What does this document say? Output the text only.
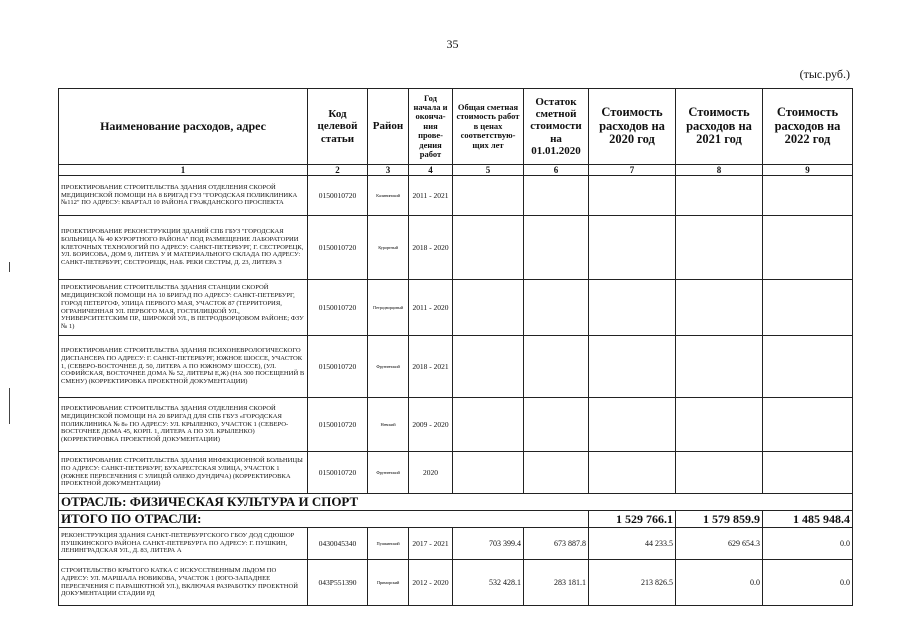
35
(тыс.руб.)
Наименование расходов, адрес	Код целевой статьи	Район	Год начала и оконча-ния прове-дения работ	Общая сметная стоимость работ в ценах соответствую-щих лет	Остаток сметной стоимости на 01.01.2020	Стоимость расходов на 2020 год	Стоимость расходов на 2021 год	Стоимость расходов на 2022 год
1	2	3	4	5	6	7	8	9
ПРОЕКТИРОВАНИЕ СТРОИТЕЛЬСТВА ЗДАНИЯ ОТДЕЛЕНИЯ СКОРОЙ МЕДИЦИНСКОЙ ПОМОЩИ НА 8 БРИГАД ГУЗ "ГОРОДСКАЯ ПОЛИКЛИНИКА №112" ПО АДРЕСУ: КВАРТАЛ 10 РАЙОНА ГРАЖДАНСКОГО ПРОСПЕКТА	0150010720	Калининский	2011 - 2021					
ПРОЕКТИРОВАНИЕ РЕКОНСТРУКЦИИ ЗДАНИЙ СПБ ГБУЗ "ГОРОДСКАЯ БОЛЬНИЦА № 40 КУРОРТНОГО РАЙОНА" ПОД РАЗМЕЩЕНИЕ ЛАБОРАТОРИИ КЛЕТОЧНЫХ ТЕХНОЛОГИЙ ПО АДРЕСУ: САНКТ-ПЕТЕРБУРГ, Г. СЕСТРОРЕЦК, УЛ. БОРИСОВА, ДОМ 9, ЛИТЕРА У И МАТЕРИАЛЬНОГО СКЛАДА ПО АДРЕСУ: САНКТ-ПЕТЕРБУРГ, СЕСТРОРЕЦК, НАБ. РЕКИ СЕСТРЫ, Д. 23, ЛИТЕРА З	0150010720	Курортный	2018 - 2020					
ПРОЕКТИРОВАНИЕ СТРОИТЕЛЬСТВА ЗДАНИЯ СТАНЦИИ СКОРОЙ МЕДИЦИНСКОЙ ПОМОЩИ НА 10 БРИГАД ПО АДРЕСУ: САНКТ-ПЕТЕРБУРГ, ГОРОД ПЕТЕРГОФ, УЛИЦА ПЕРВОГО МАЯ, УЧАСТОК 87 (ТЕРРИТОРИЯ, ОГРАНИЧЕННАЯ УЛ. ПЕРВОГО МАЯ, ГОСТИЛИЦКОЙ УЛ., УНИВЕРСИТЕТСКИМ ПР., ШИРОКОЙ УЛ., В ПЕТРОДВОРЦОВОМ РАЙОНЕ; ФЗУ № 1)	0150010720	Петродворцовый	2011 - 2020					
ПРОЕКТИРОВАНИЕ СТРОИТЕЛЬСТВА ЗДАНИЯ ПСИХОНЕВРОЛОГИЧЕСКОГО ДИСПАНСЕРА ПО АДРЕСУ: Г. САНКТ-ПЕТЕРБУРГ, ЮЖНОЕ ШОССЕ, УЧАСТОК 1, (СЕВЕРО-ВОСТОЧНЕЕ Д. 50, ЛИТЕРА А ПО ЮЖНОМУ ШОССЕ), (УЛ. СОФИЙСКАЯ, ВОСТОЧНЕЕ ДОМА № 52, ЛИТЕРЫ Е,Ж) (НА 300 ПОСЕЩЕНИЙ В СМЕНУ) (КОРРЕКТИРОВКА ПРОЕКТНОЙ ДОКУМЕНТАЦИИ)	0150010720	Фрунзенский	2018 - 2021					
ПРОЕКТИРОВАНИЕ СТРОИТЕЛЬСТВА ЗДАНИЯ ОТДЕЛЕНИЯ СКОРОЙ МЕДИЦИНСКОЙ ПОМОЩИ НА 20 БРИГАД ДЛЯ СПБ ГБУЗ «ГОРОДСКАЯ ПОЛИКЛИНИКА № 8» ПО АДРЕСУ: УЛ. КРЫЛЕНКО, УЧАСТОК 1 (СЕВЕРО-ВОСТОЧНЕЕ ДОМА 45, КОРП. 1, ЛИТЕРА А ПО УЛ. КРЫЛЕНКО) (КОРРЕКТИРОВКА ПРОЕКТНОЙ ДОКУМЕНТАЦИИ)	0150010720	Невский	2009 - 2020					
ПРОЕКТИРОВАНИЕ СТРОИТЕЛЬСТВА ЗДАНИЯ ИНФЕКЦИОННОЙ БОЛЬНИЦЫ ПО АДРЕСУ: САНКТ-ПЕТЕРБУРГ, БУХАРЕСТСКАЯ УЛИЦА, УЧАСТОК 1 (ЮЖНЕЕ ПЕРЕСЕЧЕНИЯ С УЛИЦЕЙ ОЛЕКО ДУНДИЧА) (КОРРЕКТИРОВКА ПРОЕКТНОЙ ДОКУМЕНТАЦИИ)	0150010720	Фрунзенский	2020					
ОТРАСЛЬ: ФИЗИЧЕСКАЯ КУЛЬТУРА И СПОРТ								
ИТОГО ПО ОТРАСЛИ:						1 529 766.1	1 579 859.9	1 485 948.4
РЕКОНСТРУКЦИЯ ЗДАНИЯ САНКТ-ПЕТЕРБУРГСКОГО ГБОУ ДОД СДЮШОР ПУШКИНСКОГО РАЙОНА САНКТ-ПЕТЕРБУРГА ПО АДРЕСУ: Г. ПУШКИН, ЛЕНИНГРАДСКАЯ УЛ., Д. 83, ЛИТЕРА А	0430045340	Пушкинский	2017 - 2021	703 399.4	673 887.8	44 233.5	629 654.3	0.0
СТРОИТЕЛЬСТВО КРЫТОГО КАТКА С ИСКУССТВЕННЫМ ЛЬДОМ ПО АДРЕСУ: УЛ. МАРШАЛА НОВИКОВА, УЧАСТОК 1 (ЮГО-ЗАПАДНЕЕ ПЕРЕСЕЧЕНИЯ С ПАРАШЮТНОЙ УЛ.), ВКЛЮЧАЯ РАЗРАБОТКУ ПРОЕКТНОЙ ДОКУМЕНТАЦИИ СТАДИИ РД	043P551390	Приморский	2012 - 2020	532 428.1	283 181.1	213 826.5	0.0	0.0
